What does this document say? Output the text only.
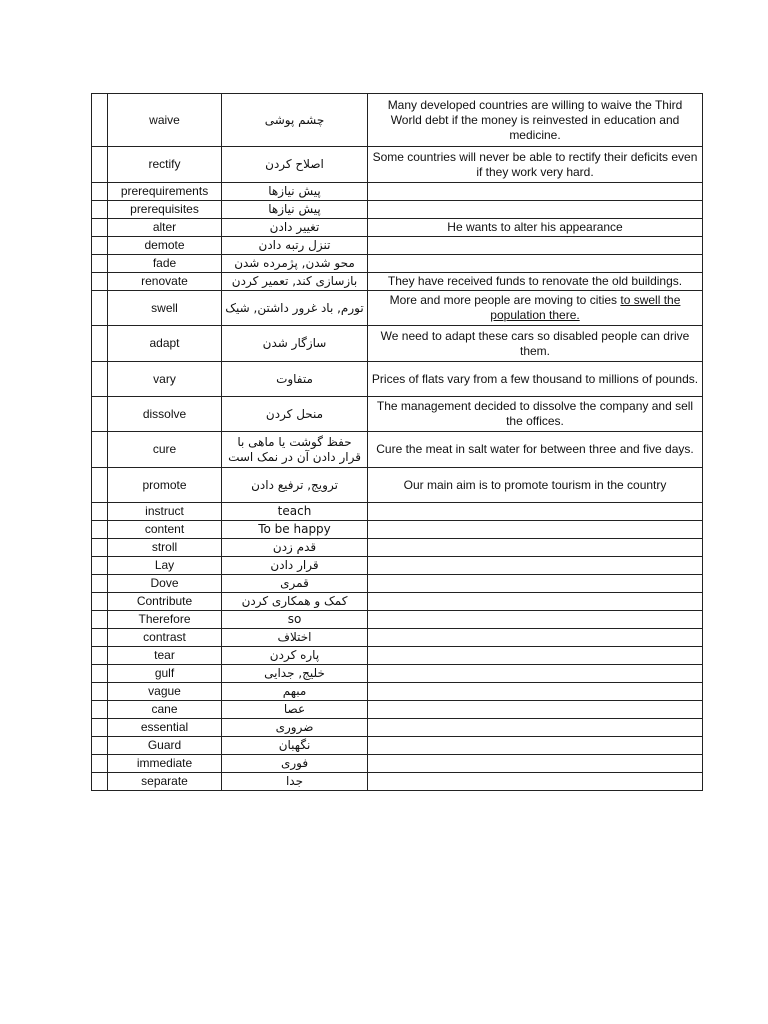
	waive	چشم پوشی	Many developed countries are willing to waive the Third World debt if the money is reinvested in education and medicine.
	rectify	اصلاح کردن	Some countries will never be able to rectify their deficits even if they work very hard.
	prerequirements	پیش نیازها	
	prerequisites	پیش نیازها	
	alter	تغییر دادن	He wants to alter his appearance
	demote	تنزل رتبه دادن	
	fade	محو شدن, پژمرده شدن	
	renovate	بازسازی کند, تعمیر کردن	They have received funds to renovate the old buildings.
	swell	تورم, باد غرور داشتن, شیک	More and more people are moving to cities to swell the population there.
	adapt	سازگار شدن	We need to adapt these cars so disabled people can drive them.
	vary	متفاوت	Prices of flats vary from a few thousand to millions of pounds.
	dissolve	منحل کردن	The management decided to dissolve the company and sell the offices.
	cure	حفظ گوشت یا ماهی با قرار دادن آن در نمک است	Cure the meat in salt water for between three and five days.
	promote	ترویج, ترفیع دادن	Our main aim is to promote tourism in the country
	instruct	teach	
	content	To be happy	
	stroll	قدم زدن	
	Lay	قرار دادن	
	Dove	قمری	
	Contribute	کمک و همکاری کردن	
	Therefore	so	
	contrast	اختلاف	
	tear	پاره کردن	
	gulf	خلیج, جدایی	
	vague	مبهم	
	cane	عصا	
	essential	ضروری	
	Guard	نگهبان	
	immediate	فوری	
	separate	جدا	
